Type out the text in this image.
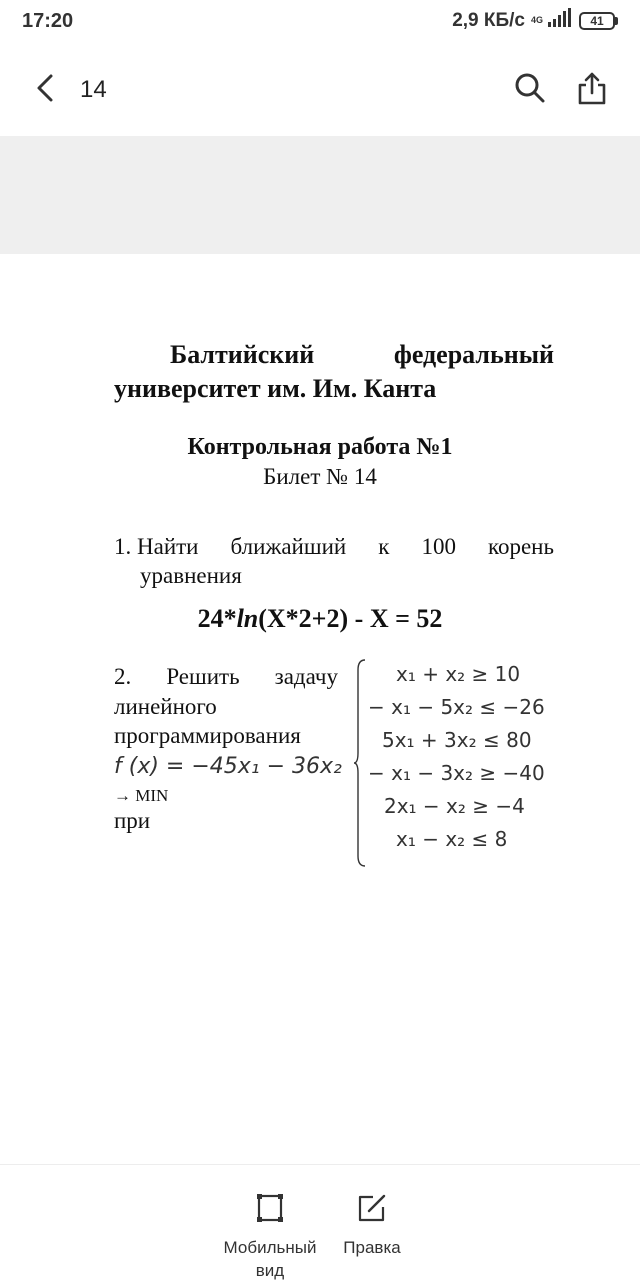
17:20	2,9 КБ/с 4G	41
14
Балтийский	федеральный
университет им. Им. Канта
Контрольная работа №1
Билет № 14
1. Найти ближайший к 100 корень
уравнения
24*ln(X*2+2) - X = 52
2. Решить задачу
линейного
программирования
f (x) = −45x₁ − 36x₂
→ MIN
при
x₁ + x₂ ≥ 10
− x₁ − 5x₂ ≤ −26
5x₁ + 3x₂ ≤ 80
− x₁ − 3x₂ ≥ −40
2x₁ − x₂ ≥ −4
x₁ − x₂ ≤ 8
Мобильный вид
Правка
